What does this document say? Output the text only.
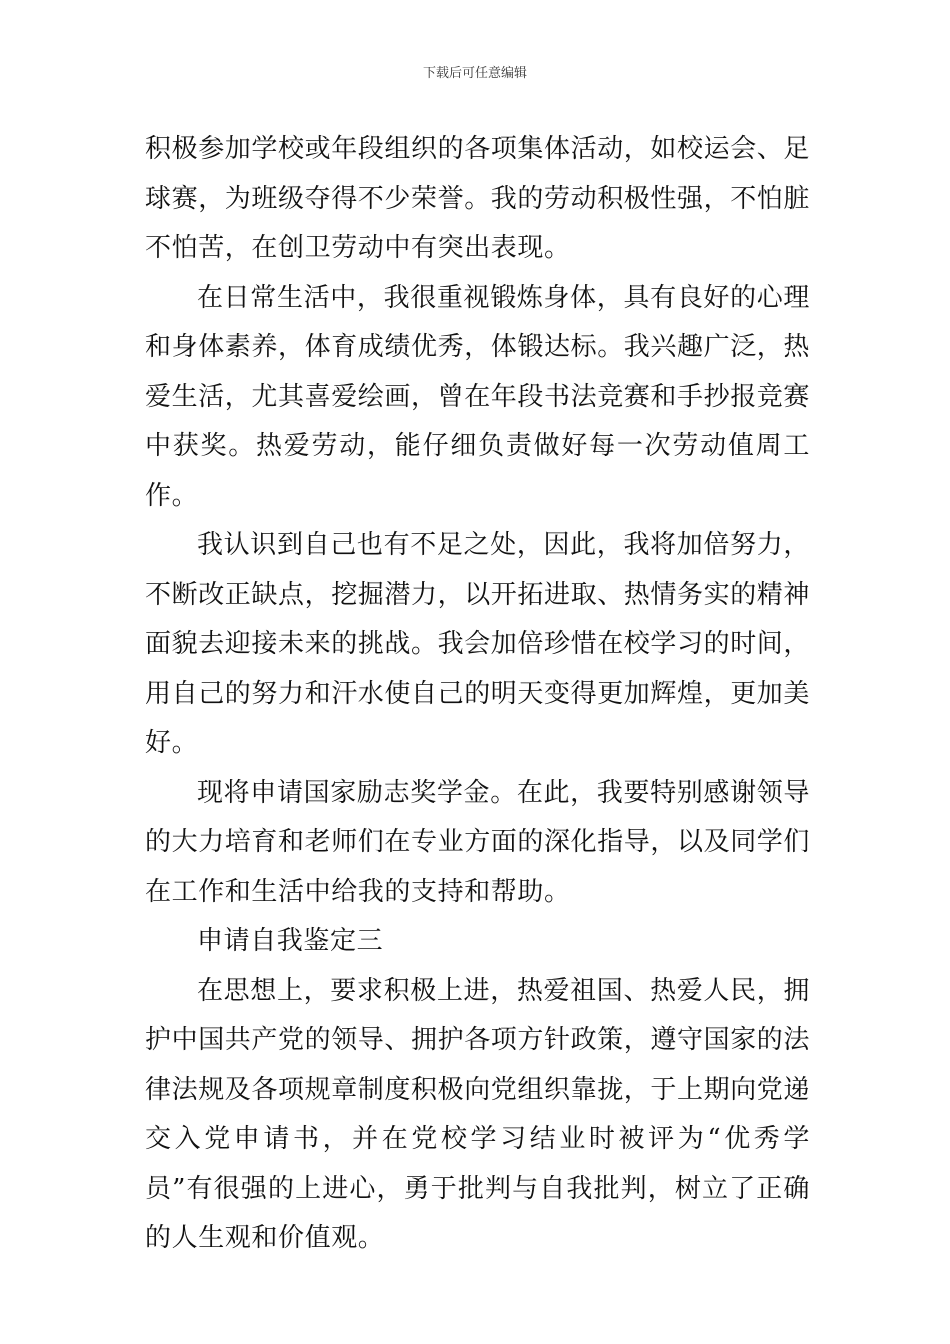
下载后可任意编辑

积极参加学校或年段组织的各项集体活动，如校运会、足球赛，为班级夺得不少荣誉。我的劳动积极性强，不怕脏不怕苦，在创卫劳动中有突出表现。

在日常生活中，我很重视锻炼身体，具有良好的心理和身体素养，体育成绩优秀，体锻达标。我兴趣广泛，热爱生活，尤其喜爱绘画，曾在年段书法竞赛和手抄报竞赛中获奖。热爱劳动，能仔细负责做好每一次劳动值周工作。

我认识到自己也有不足之处，因此，我将加倍努力，不断改正缺点，挖掘潜力，以开拓进取、热情务实的精神面貌去迎接未来的挑战。我会加倍珍惜在校学习的时间，用自己的努力和汗水使自己的明天变得更加辉煌，更加美好。

现将申请国家励志奖学金。在此，我要特别感谢领导的大力培育和老师们在专业方面的深化指导，以及同学们在工作和生活中给我的支持和帮助。

申请自我鉴定三

在思想上，要求积极上进，热爱祖国、热爱人民，拥护中国共产党的领导、拥护各项方针政策，遵守国家的法律法规及各项规章制度积极向党组织靠拢，于上期向党递交入党申请书，并在党校学习结业时被评为“优秀学员”有很强的上进心，勇于批判与自我批判，树立了正确的人生观和价值观。
